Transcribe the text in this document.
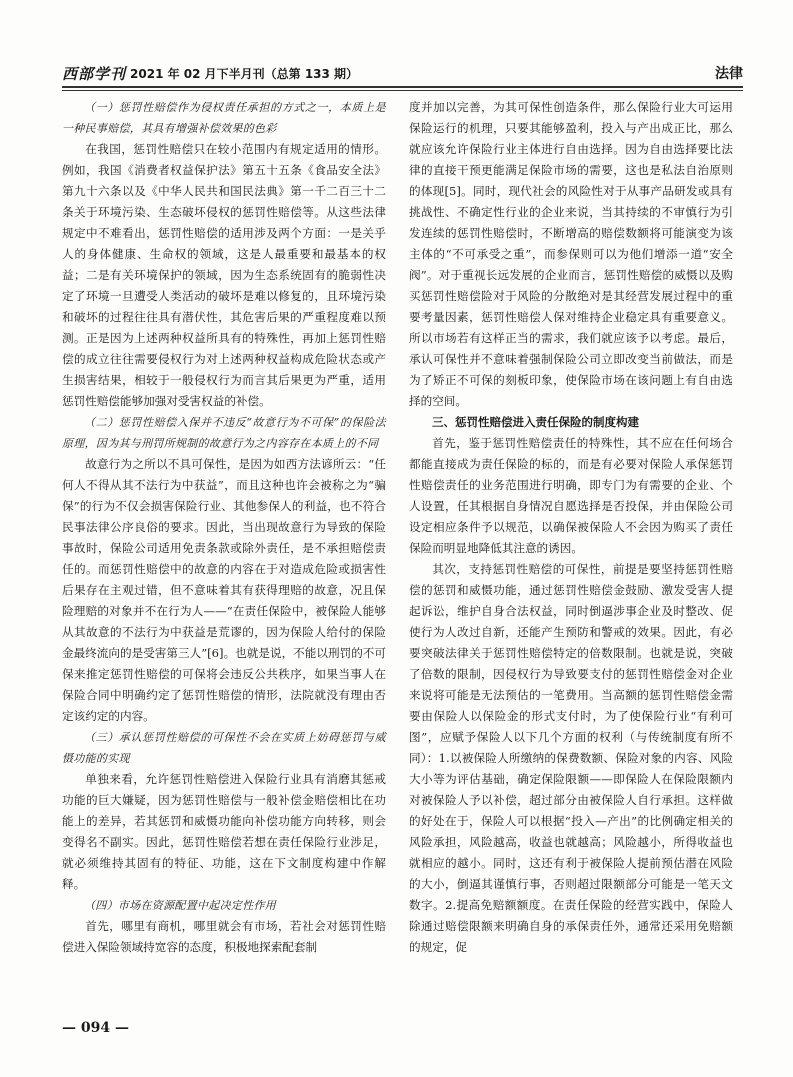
西部学刊 2021 年 02 月下半月刊（总第 133 期）	法律

（一）惩罚性赔偿作为侵权责任承担的方式之一，本质上是一种民事赔偿，其具有增强补偿效果的色彩

在我国，惩罚性赔偿只在较小范围内有规定适用的情形。例如，我国《消费者权益保护法》第五十五条《食品安全法》第九十六条以及《中华人民共和国民法典》第一千二百三十二条关于环境污染、生态破坏侵权的惩罚性赔偿等。从这些法律规定中不难看出，惩罚性赔偿的适用涉及两个方面：一是关乎人的身体健康、生命权的领域，这是人最重要和最基本的权益；二是有关环境保护的领域，因为生态系统固有的脆弱性决定了环境一旦遭受人类活动的破坏是难以修复的，且环境污染和破坏的过程往往具有潜伏性，其危害后果的严重程度难以预测。正是因为上述两种权益所具有的特殊性，再加上惩罚性赔偿的成立往往需要侵权行为对上述两种权益构成危险状态或产生损害结果，相较于一般侵权行为而言其后果更为严重，适用惩罚性赔偿能够加强对受害权益的补偿。

（二）惩罚性赔偿入保并不违反“故意行为不可保”的保险法原理，因为其与刑罚所规制的故意行为之内容存在本质上的不同

故意行为之所以不具可保性，是因为如西方法谚所云：“任何人不得从其不法行为中获益”，而且这种也许会被称之为“骗保”的行为不仅会损害保险行业、其他参保人的利益，也不符合民事法律公序良俗的要求。因此，当出现故意行为导致的保险事故时，保险公司适用免责条款或除外责任，是不承担赔偿责任的。而惩罚性赔偿中的故意的内容在于对造成危险或损害性后果存在主观过错，但不意味着其有获得理赔的故意，况且保险理赔的对象并不在行为人——“在责任保险中，被保险人能够从其故意的不法行为中获益是荒谬的，因为保险人给付的保险金最终流向的是受害第三人”[6]。也就是说，不能以刑罚的不可保来推定惩罚性赔偿的可保将会违反公共秩序，如果当事人在保险合同中明确约定了惩罚性赔偿的情形，法院就没有理由否定该约定的内容。

（三）承认惩罚性赔偿的可保性不会在实质上妨碍惩罚与威慑功能的实现

单独来看，允许惩罚性赔偿进入保险行业具有消磨其惩戒功能的巨大嫌疑，因为惩罚性赔偿与一般补偿金赔偿相比在功能上的差异，若其惩罚和威慑功能向补偿功能方向转移，则会变得名不副实。因此，惩罚性赔偿若想在责任保险行业涉足，就必须维持其固有的特征、功能，这在下文制度构建中作解释。

（四）市场在资源配置中起决定性作用

首先，哪里有商机，哪里就会有市场，若社会对惩罚性赔偿进入保险领域持宽容的态度，积极地探索配套制

度并加以完善，为其可保性创造条件，那么保险行业大可运用保险运行的机理，只要其能够盈利，投入与产出成正比，那么就应该允许保险行业主体进行自由选择。因为自由选择要比法律的直接干预更能满足保险市场的需要，这也是私法自治原则的体现[5]。同时，现代社会的风险性对于从事产品研发或具有挑战性、不确定性行业的企业来说，当其持续的不审慎行为引发连续的惩罚性赔偿时，不断增高的赔偿数额将可能演变为该主体的“不可承受之重”，而参保则可以为他们增添一道“安全阀”。对于重视长远发展的企业而言，惩罚性赔偿的威慑以及购买惩罚性赔偿险对于风险的分散绝对是其经营发展过程中的重要考量因素，惩罚性赔偿人保对维持企业稳定具有重要意义。所以市场若有这样正当的需求，我们就应该予以考虑。最后，承认可保性并不意味着强制保险公司立即改变当前做法，而是为了矫正不可保的刻板印象，使保险市场在该问题上有自由选择的空间。

三、惩罚性赔偿进入责任保险的制度构建

首先，鉴于惩罚性赔偿责任的特殊性，其不应在任何场合都能直接成为责任保险的标的，而是有必要对保险人承保惩罚性赔偿责任的业务范围进行明确，即专门为有需要的企业、个人设置，任其根据自身情况自愿选择是否投保，并由保险公司设定相应条件予以规范，以确保被保险人不会因为购买了责任保险而明显地降低其注意的诱因。

其次，支持惩罚性赔偿的可保性，前提是要坚持惩罚性赔偿的惩罚和威慑功能，通过惩罚性赔偿金鼓励、激发受害人提起诉讼，维护自身合法权益，同时倒逼涉事企业及时整改、促使行为人改过自新，还能产生预防和警戒的效果。因此，有必要突破法律关于惩罚性赔偿特定的倍数限制。也就是说，突破了倍数的限制，因侵权行为导致要支付的惩罚性赔偿金对企业来说将可能是无法预估的一笔费用。当高额的惩罚性赔偿金需要由保险人以保险金的形式支付时，为了使保险行业“有利可图”，应赋予保险人以下几个方面的权利（与传统制度有所不同）：1.以被保险人所缴纳的保费数额、保险对象的内容、风险大小等为评估基础，确定保险限额——即保险人在保险限额内对被保险人予以补偿，超过部分由被保险人自行承担。这样做的好处在于，保险人可以根据“投入—产出”的比例确定相关的风险承担，风险越高，收益也就越高；风险越小，所得收益也就相应的越小。同时，这还有利于被保险人提前预估潜在风险的大小，倒逼其谨慎行事，否则超过限额部分可能是一笔天文数字。2.提高免赔额额度。在责任保险的经营实践中，保险人除通过赔偿限额来明确自身的承保责任外，通常还采用免赔额的规定，促

— 094 —
